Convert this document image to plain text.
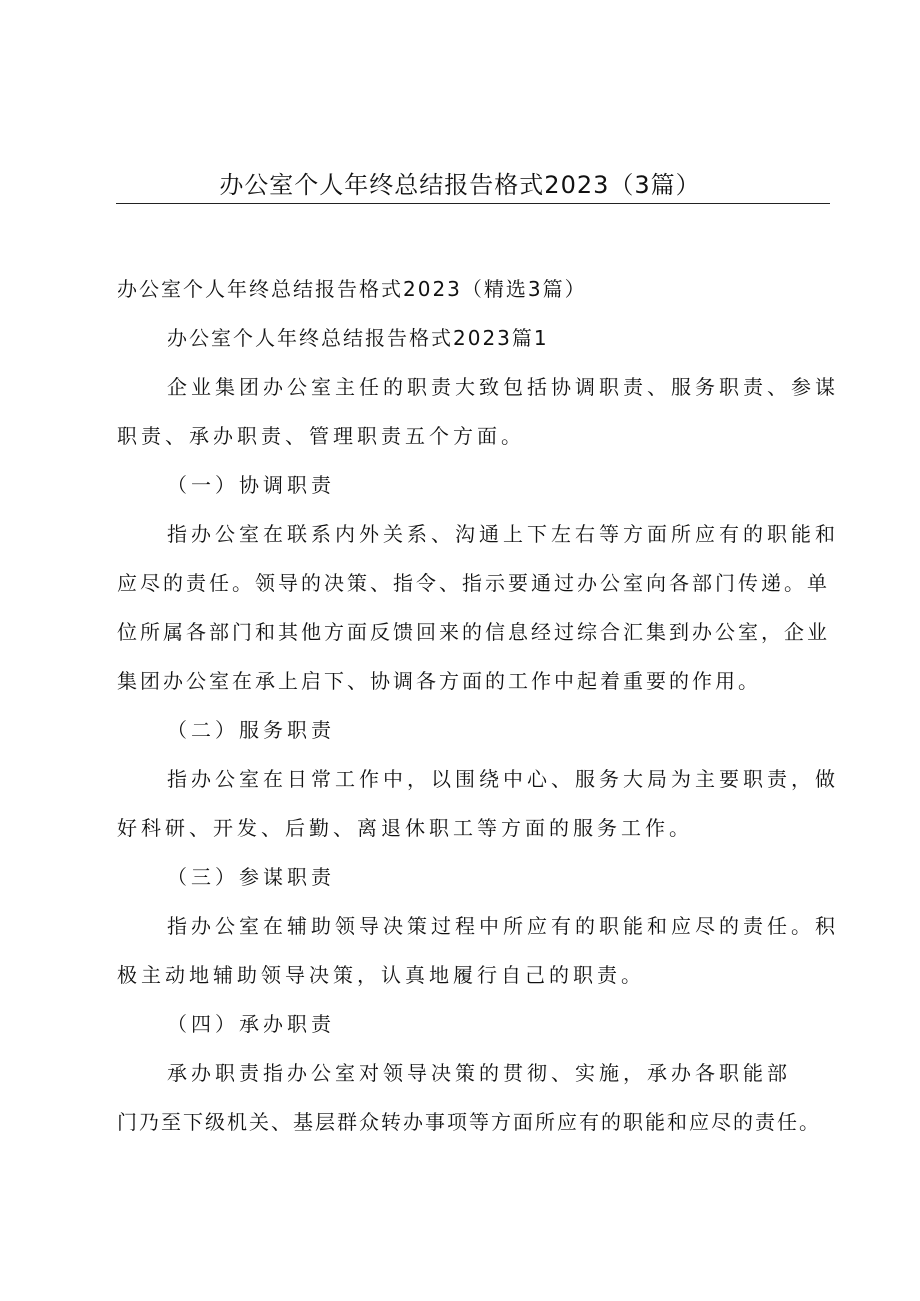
办公室个人年终总结报告格式2023（3篇）
办公室个人年终总结报告格式2023（精选3篇）
办公室个人年终总结报告格式2023篇1
企业集团办公室主任的职责大致包括协调职责、服务职责、参谋
职责、承办职责、管理职责五个方面。
（一）协调职责
指办公室在联系内外关系、沟通上下左右等方面所应有的职能和
应尽的责任。领导的决策、指令、指示要通过办公室向各部门传递。单
位所属各部门和其他方面反馈回来的信息经过综合汇集到办公室，企业
集团办公室在承上启下、协调各方面的工作中起着重要的作用。
（二）服务职责
指办公室在日常工作中，以围绕中心、服务大局为主要职责，做
好科研、开发、后勤、离退休职工等方面的服务工作。
（三）参谋职责
指办公室在辅助领导决策过程中所应有的职能和应尽的责任。积
极主动地辅助领导决策，认真地履行自己的职责。
（四）承办职责
承办职责指办公室对领导决策的贯彻、实施，承办各职能部
门乃至下级机关、基层群众转办事项等方面所应有的职能和应尽的责任。
